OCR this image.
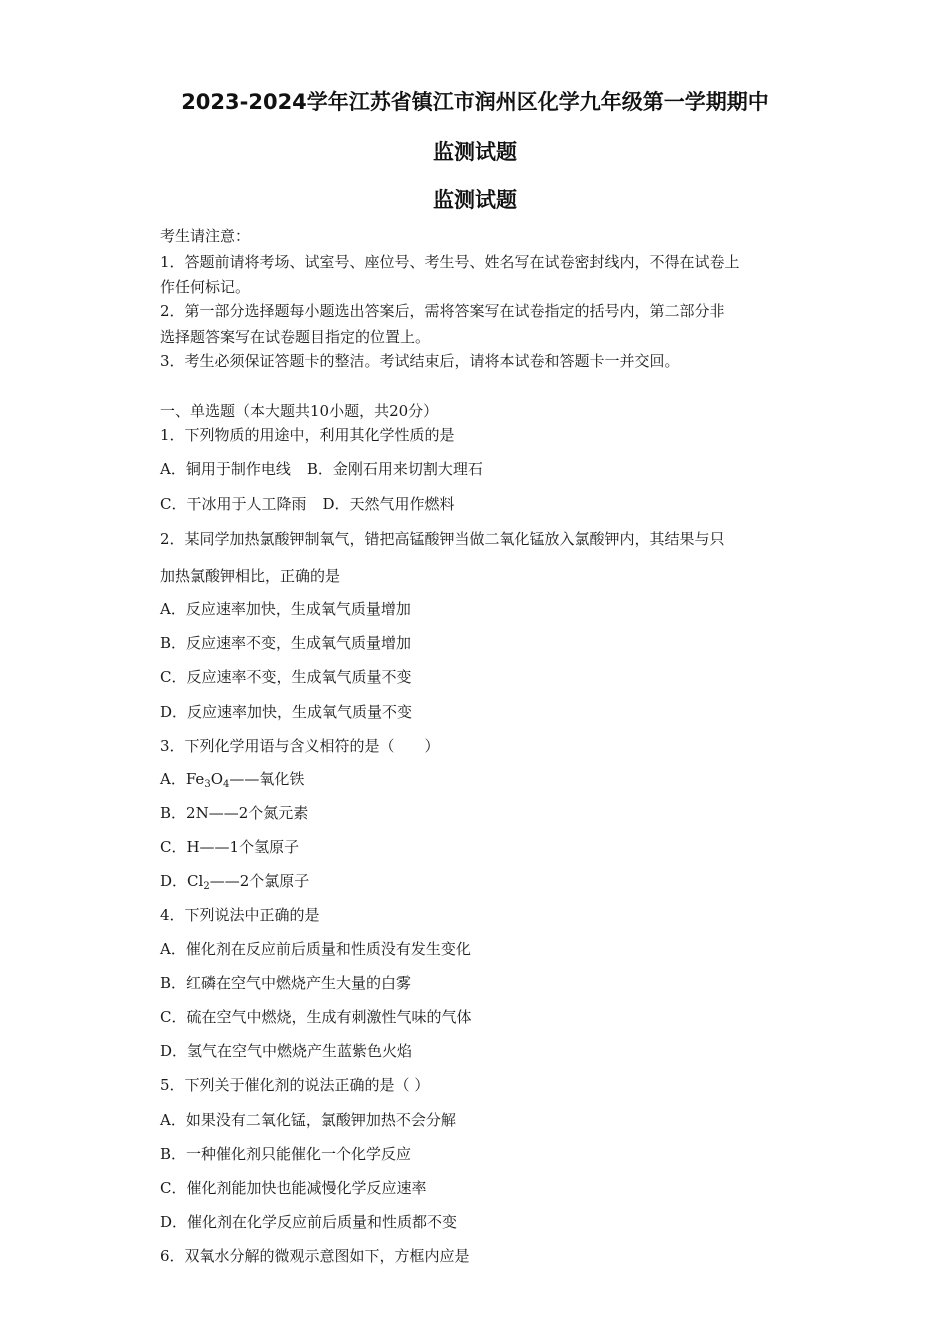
2023-2024学年江苏省镇江市润州区化学九年级第一学期期中
监测试题
监测试题
考生请注意：
1．答题前请将考场、试室号、座位号、考生号、姓名写在试卷密封线内，不得在试卷上
作任何标记。
2．第一部分选择题每小题选出答案后，需将答案写在试卷指定的括号内，第二部分非
选择题答案写在试卷题目指定的位置上。
3．考生必须保证答题卡的整洁。考试结束后，请将本试卷和答题卡一并交回。
一、单选题（本大题共10小题，共20分）
1．下列物质的用途中，利用其化学性质的是
A．铜用于制作电线 B．金刚石用来切割大理石
C．干冰用于人工降雨 D．天然气用作燃料
2．某同学加热氯酸钾制氧气，错把高锰酸钾当做二氧化锰放入氯酸钾内，其结果与只
加热氯酸钾相比，正确的是
A．反应速率加快，生成氧气质量增加
B．反应速率不变，生成氧气质量增加
C．反应速率不变，生成氧气质量不变
D．反应速率加快，生成氧气质量不变
3．下列化学用语与含义相符的是（　　）
A．$Fe_3O_4——$氧化铁
B．2N——2个氮元素
C．H——1个氢原子
D．$Cl_2——2$个氯原子
4．下列说法中正确的是
A．催化剂在反应前后质量和性质没有发生变化
B．红磷在空气中燃烧产生大量的白雾
C．硫在空气中燃烧，生成有刺激性气味的气体
D．氢气在空气中燃烧产生蓝紫色火焰
5．下列关于催化剂的说法正确的是（ ）
A．如果没有二氧化锰，氯酸钾加热不会分解
B．一种催化剂只能催化一个化学反应
C．催化剂能加快也能减慢化学反应速率
D．催化剂在化学反应前后质量和性质都不变
6．双氧水分解的微观示意图如下，方框内应是
